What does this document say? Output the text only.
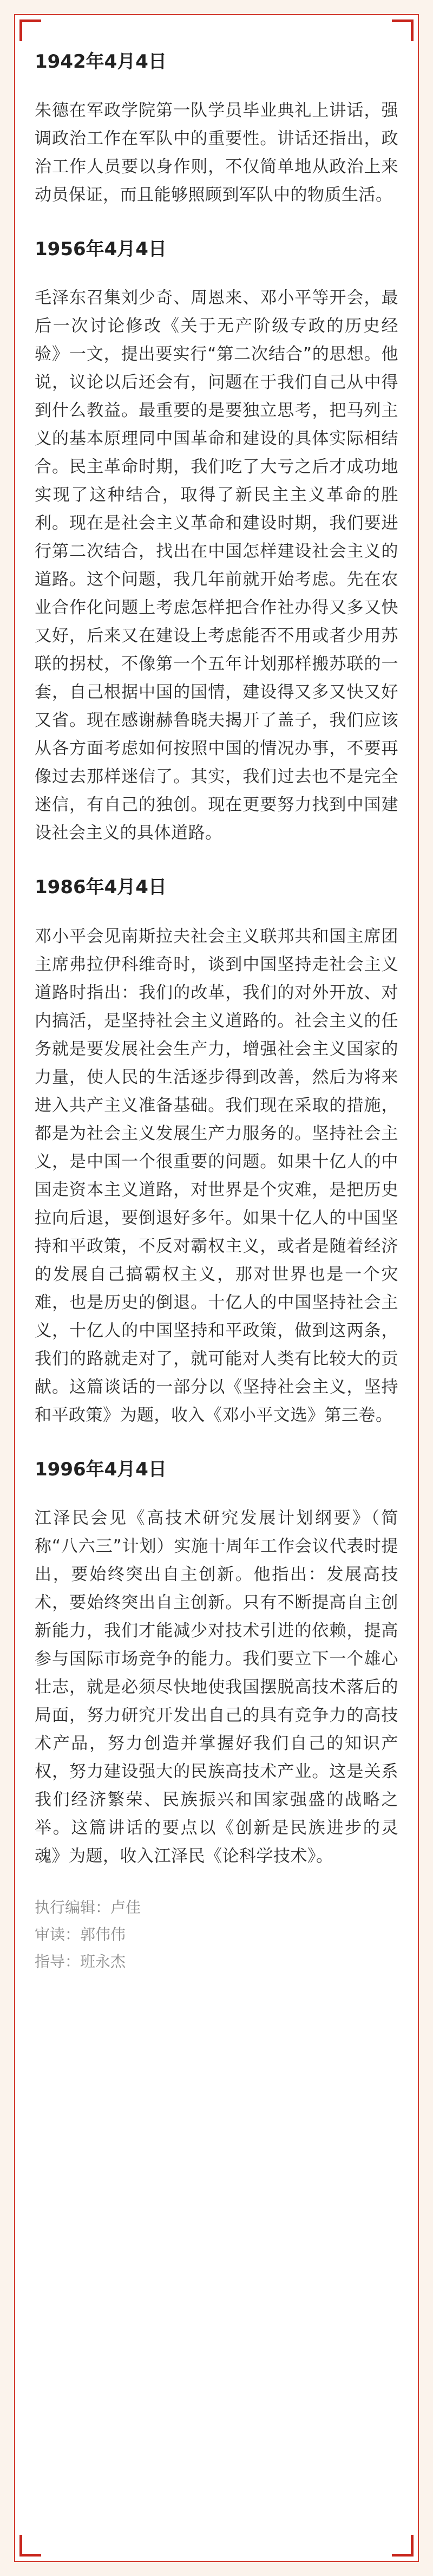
1942年4月4日

朱德在军政学院第一队学员毕业典礼上讲话，强调政治工作在军队中的重要性。讲话还指出，政治工作人员要以身作则，不仅简单地从政治上来动员保证，而且能够照顾到军队中的物质生活。

1956年4月4日

毛泽东召集刘少奇、周恩来、邓小平等开会，最后一次讨论修改《关于无产阶级专政的历史经验》一文，提出要实行“第二次结合”的思想。他说，议论以后还会有，问题在于我们自己从中得到什么教益。最重要的是要独立思考，把马列主义的基本原理同中国革命和建设的具体实际相结合。民主革命时期，我们吃了大亏之后才成功地实现了这种结合，取得了新民主主义革命的胜利。现在是社会主义革命和建设时期，我们要进行第二次结合，找出在中国怎样建设社会主义的道路。这个问题，我几年前就开始考虑。先在农业合作化问题上考虑怎样把合作社办得又多又快又好，后来又在建设上考虑能否不用或者少用苏联的拐杖，不像第一个五年计划那样搬苏联的一套，自己根据中国的国情，建设得又多又快又好又省。现在感谢赫鲁晓夫揭开了盖子，我们应该从各方面考虑如何按照中国的情况办事，不要再像过去那样迷信了。其实，我们过去也不是完全迷信，有自己的独创。现在更要努力找到中国建设社会主义的具体道路。

1986年4月4日

邓小平会见南斯拉夫社会主义联邦共和国主席团主席弗拉伊科维奇时，谈到中国坚持走社会主义道路时指出：我们的改革，我们的对外开放、对内搞活，是坚持社会主义道路的。社会主义的任务就是要发展社会生产力，增强社会主义国家的力量，使人民的生活逐步得到改善，然后为将来进入共产主义准备基础。我们现在采取的措施，都是为社会主义发展生产力服务的。坚持社会主义，是中国一个很重要的问题。如果十亿人的中国走资本主义道路，对世界是个灾难，是把历史拉向后退，要倒退好多年。如果十亿人的中国坚持和平政策，不反对霸权主义，或者是随着经济的发展自己搞霸权主义，那对世界也是一个灾难，也是历史的倒退。十亿人的中国坚持社会主义，十亿人的中国坚持和平政策，做到这两条，我们的路就走对了，就可能对人类有比较大的贡献。这篇谈话的一部分以《坚持社会主义，坚持和平政策》为题，收入《邓小平文选》第三卷。

1996年4月4日

江泽民会见《高技术研究发展计划纲要》（简称“八六三”计划）实施十周年工作会议代表时提出，要始终突出自主创新。他指出：发展高技术，要始终突出自主创新。只有不断提高自主创新能力，我们才能减少对技术引进的依赖，提高参与国际市场竞争的能力。我们要立下一个雄心壮志，就是必须尽快地使我国摆脱高技术落后的局面，努力研究开发出自己的具有竞争力的高技术产品，努力创造并掌握好我们自己的知识产权，努力建设强大的民族高技术产业。这是关系我们经济繁荣、民族振兴和国家强盛的战略之举。这篇讲话的要点以《创新是民族进步的灵魂》为题，收入江泽民《论科学技术》。

执行编辑：卢佳
审读：郭伟伟
指导：班永杰
